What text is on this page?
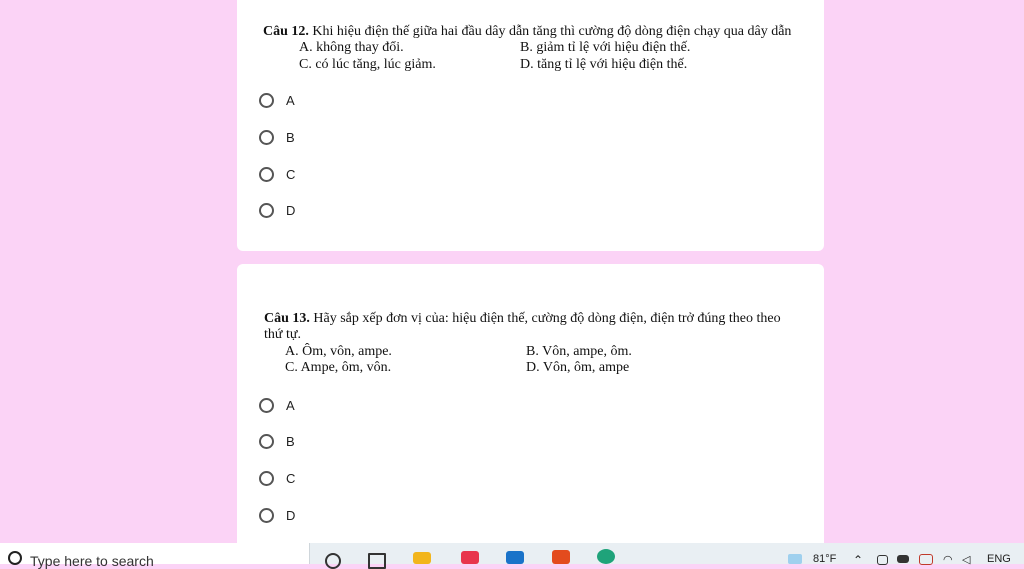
Câu 12. Khi hiệu điện thế giữa hai đầu dây dẫn tăng thì cường độ dòng điện chạy qua dây dẫn
A. không thay đổi.	B. giảm tỉ lệ với hiệu điện thế.
C. có lúc tăng, lúc giảm.	D. tăng tỉ lệ với hiệu điện thế.
A
B
C
D
Câu 13. Hãy sắp xếp đơn vị của: hiệu điện thế, cường độ dòng điện, điện trở đúng theo theo
thứ tự.
A. Ôm, vôn, ampe.	B. Vôn, ampe, ôm.
C. Ampe, ôm, vôn.	D. Vôn, ôm, ampe
A
B
C
D
Type here to search	81°F ⌃	◠ ◁ ENG
